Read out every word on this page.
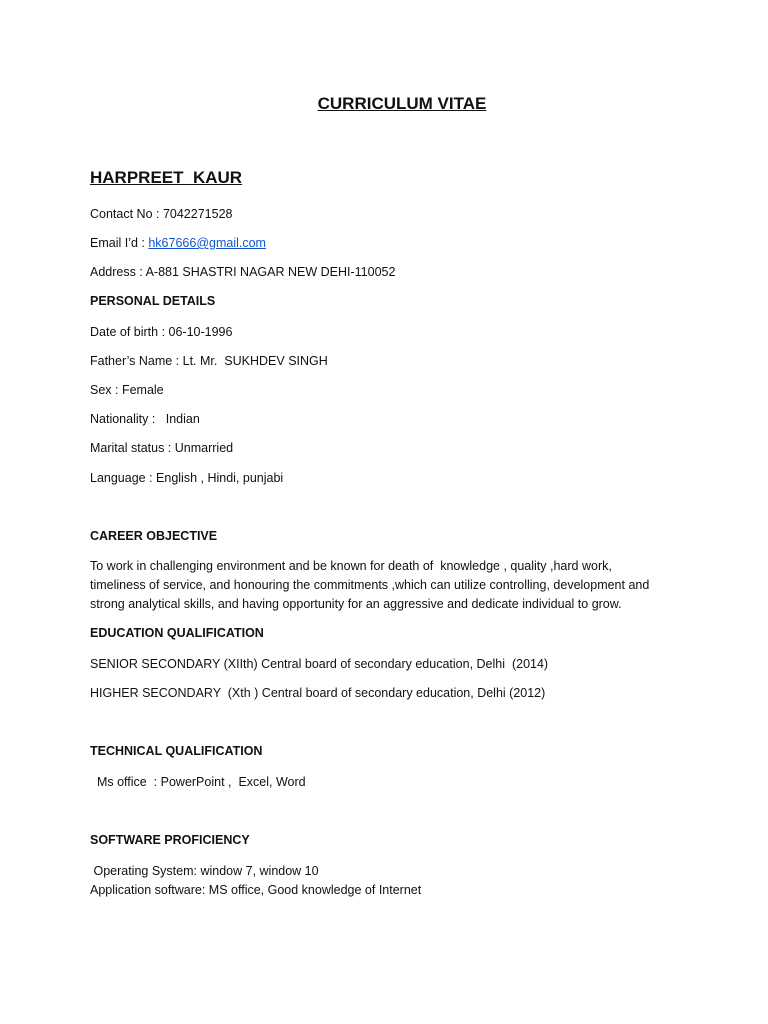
CURRICULUM VITAE
HARPREET  KAUR
Contact No : 7042271528
Email I’d : hk67666@gmail.com
Address : A-881 SHASTRI NAGAR NEW DEHI-110052
PERSONAL DETAILS
Date of birth : 06-10-1996
Father’s Name : Lt. Mr.  SUKHDEV SINGH
Sex : Female
Nationality :   Indian
Marital status : Unmarried
Language : English , Hindi, punjabi
CAREER OBJECTIVE
To work in challenging environment and be known for death of  knowledge , quality ,hard work,
timeliness of service, and honouring the commitments ,which can utilize controlling, development and
strong analytical skills, and having opportunity for an aggressive and dedicate individual to grow.
EDUCATION QUALIFICATION
SENIOR SECONDARY (XIIth) Central board of secondary education, Delhi  (2014)
HIGHER SECONDARY  (Xth ) Central board of secondary education, Delhi (2012)
TECHNICAL QUALIFICATION
Ms office  : PowerPoint ,  Excel, Word
SOFTWARE PROFICIENCY
Operating System: window 7, window 10
Application software: MS office, Good knowledge of Internet
